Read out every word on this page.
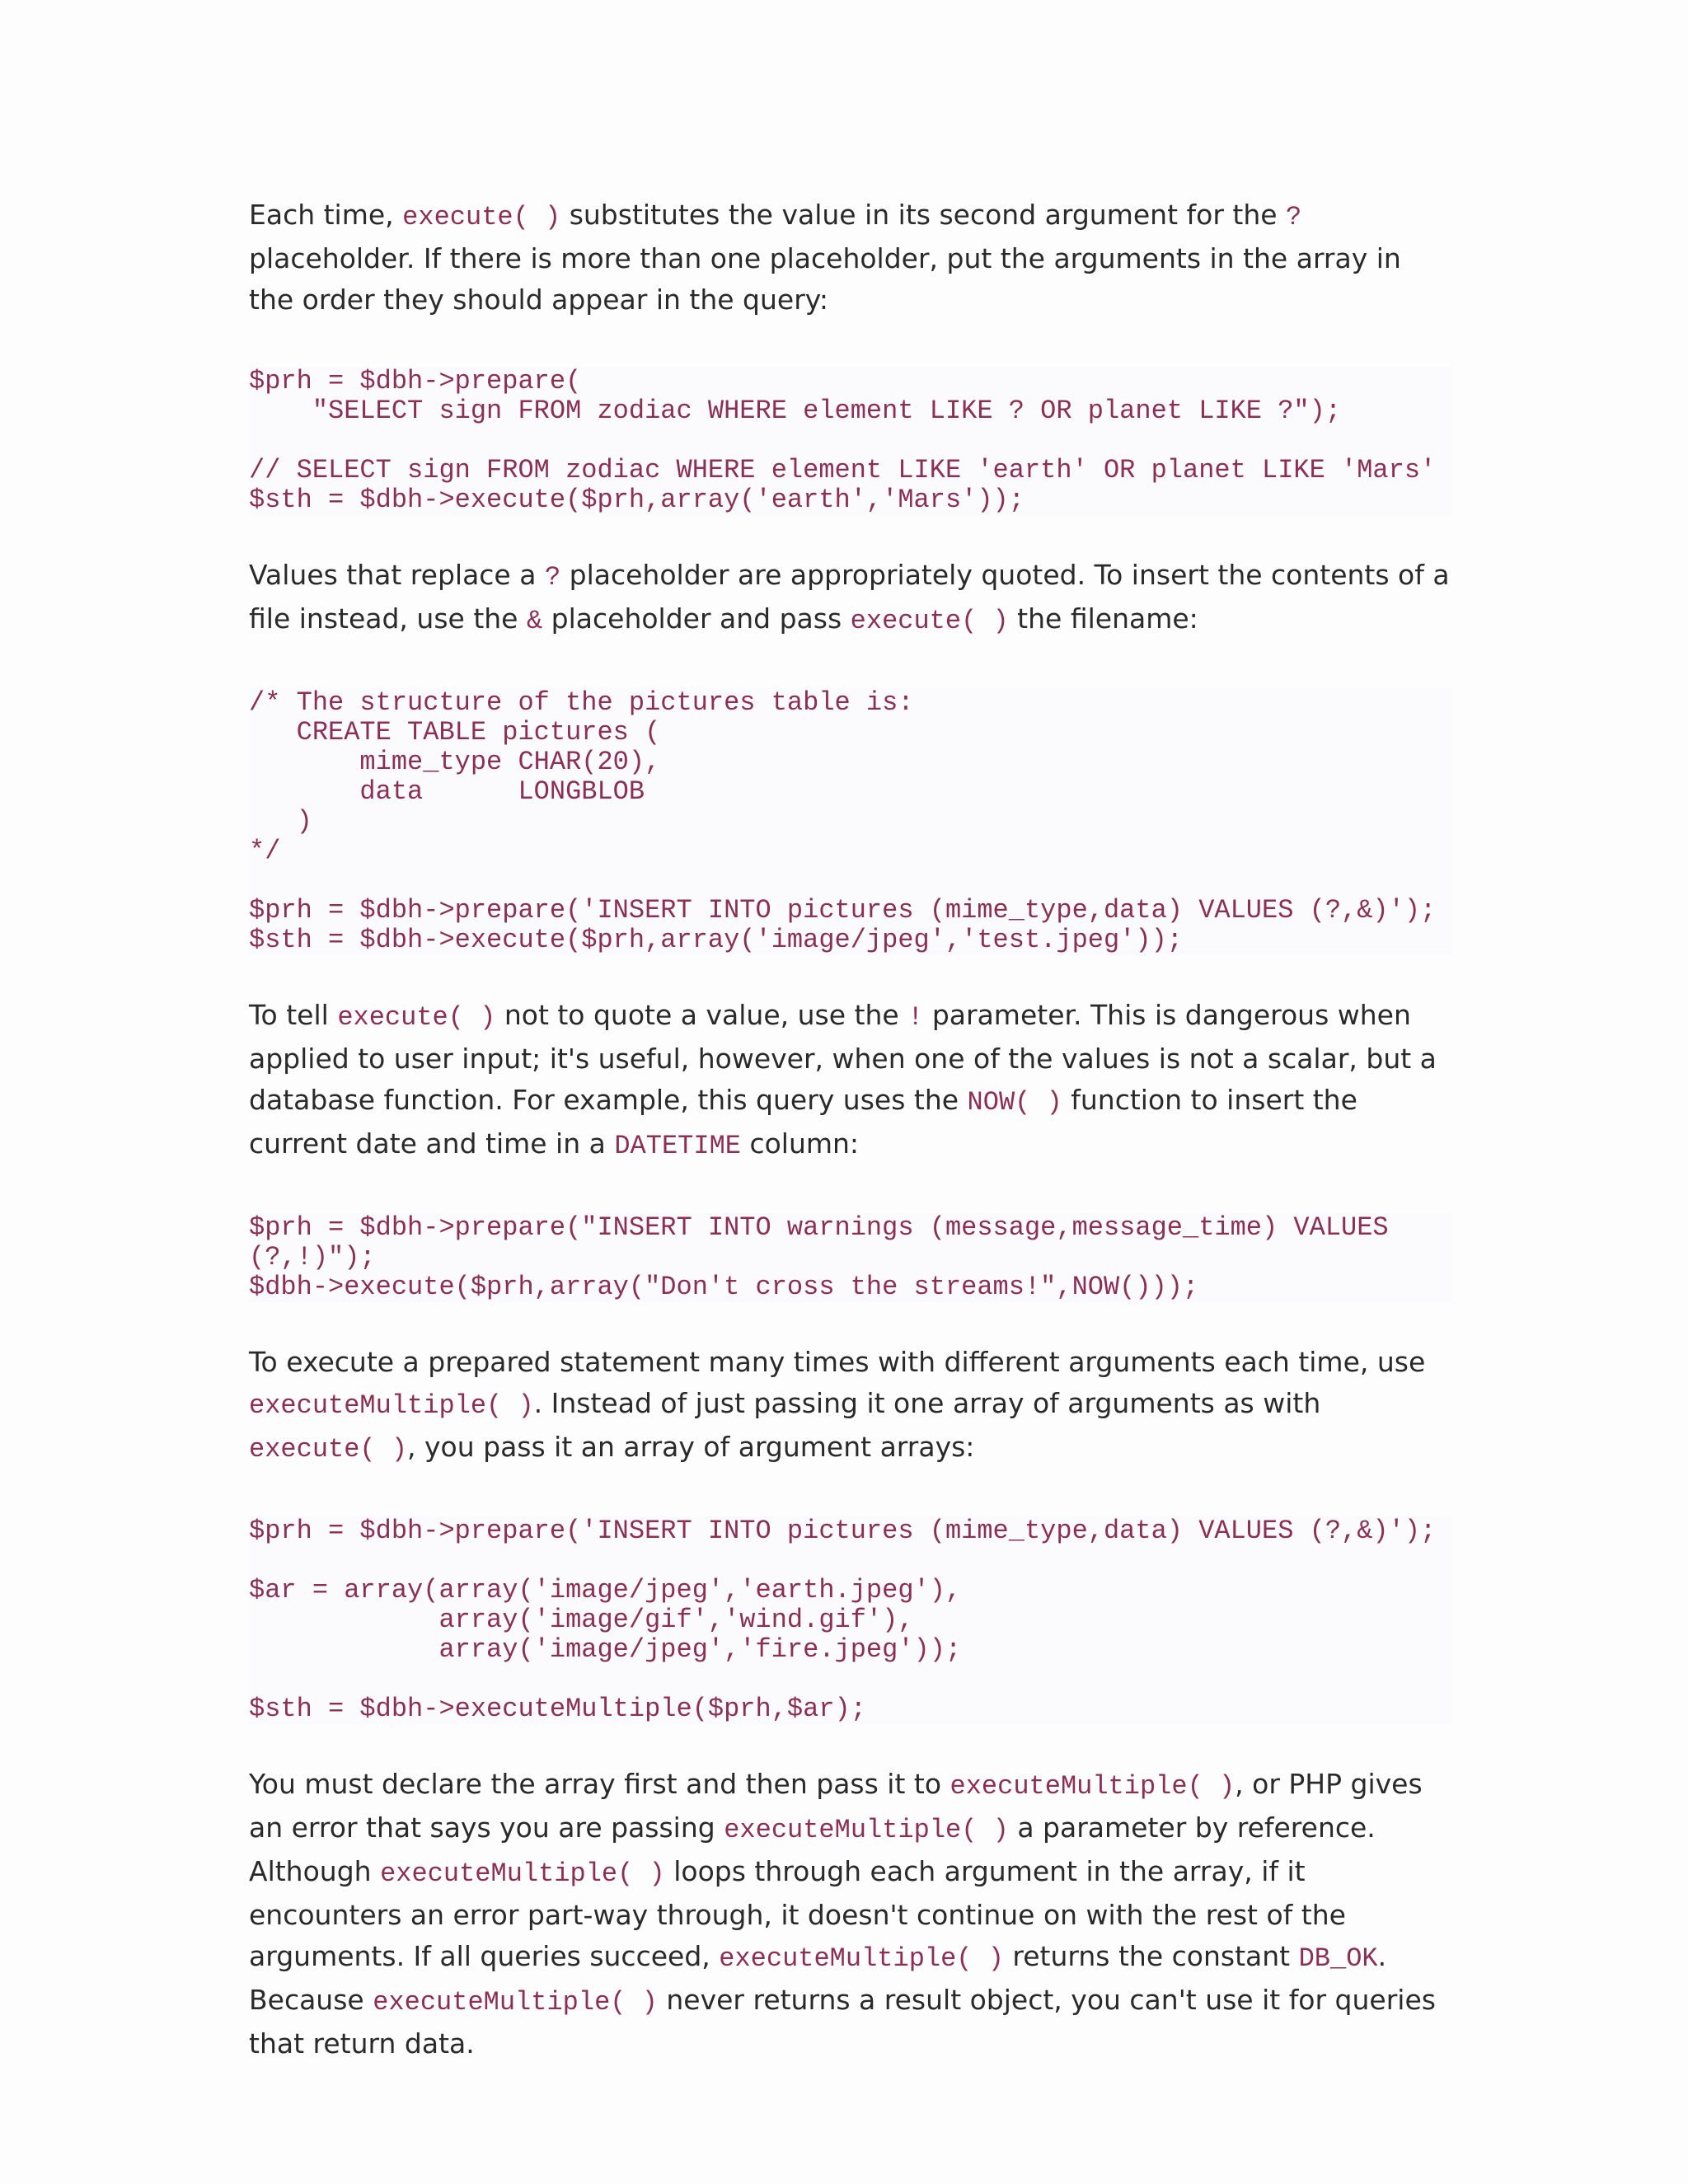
Each time, execute( ) substitutes the value in its second argument for the ? placeholder. If there is more than one placeholder, put the arguments in the array in the order they should appear in the query:

$prh = $dbh->prepare(
"SELECT sign FROM zodiac WHERE element LIKE ? OR planet LIKE ?");

// SELECT sign FROM zodiac WHERE element LIKE 'earth' OR planet LIKE 'Mars'
$sth = $dbh->execute($prh,array('earth','Mars'));

Values that replace a ? placeholder are appropriately quoted. To insert the contents of a file instead, use the & placeholder and pass execute( ) the filename:

/* The structure of the pictures table is:
CREATE TABLE pictures (
mime_type CHAR(20),
data      LONGBLOB
)
*/

$prh = $dbh->prepare('INSERT INTO pictures (mime_type,data) VALUES (?,&)');
$sth = $dbh->execute($prh,array('image/jpeg','test.jpeg'));

To tell execute( ) not to quote a value, use the ! parameter. This is dangerous when applied to user input; it's useful, however, when one of the values is not a scalar, but a database function. For example, this query uses the NOW( ) function to insert the current date and time in a DATETIME column:

$prh = $dbh->prepare("INSERT INTO warnings (message,message_time) VALUES
(?,!)");
$dbh->execute($prh,array("Don't cross the streams!",NOW()));

To execute a prepared statement many times with different arguments each time, use executeMultiple( ). Instead of just passing it one array of arguments as with execute( ), you pass it an array of argument arrays:

$prh = $dbh->prepare('INSERT INTO pictures (mime_type,data) VALUES (?,&)');

$ar = array(array('image/jpeg','earth.jpeg'),
array('image/gif','wind.gif'),
array('image/jpeg','fire.jpeg'));

$sth = $dbh->executeMultiple($prh,$ar);

You must declare the array first and then pass it to executeMultiple( ), or PHP gives an error that says you are passing executeMultiple( ) a parameter by reference. Although executeMultiple( ) loops through each argument in the array, if it encounters an error part-way through, it doesn't continue on with the rest of the arguments. If all queries succeed, executeMultiple( ) returns the constant DB_OK. Because executeMultiple( ) never returns a result object, you can't use it for queries that return data.
